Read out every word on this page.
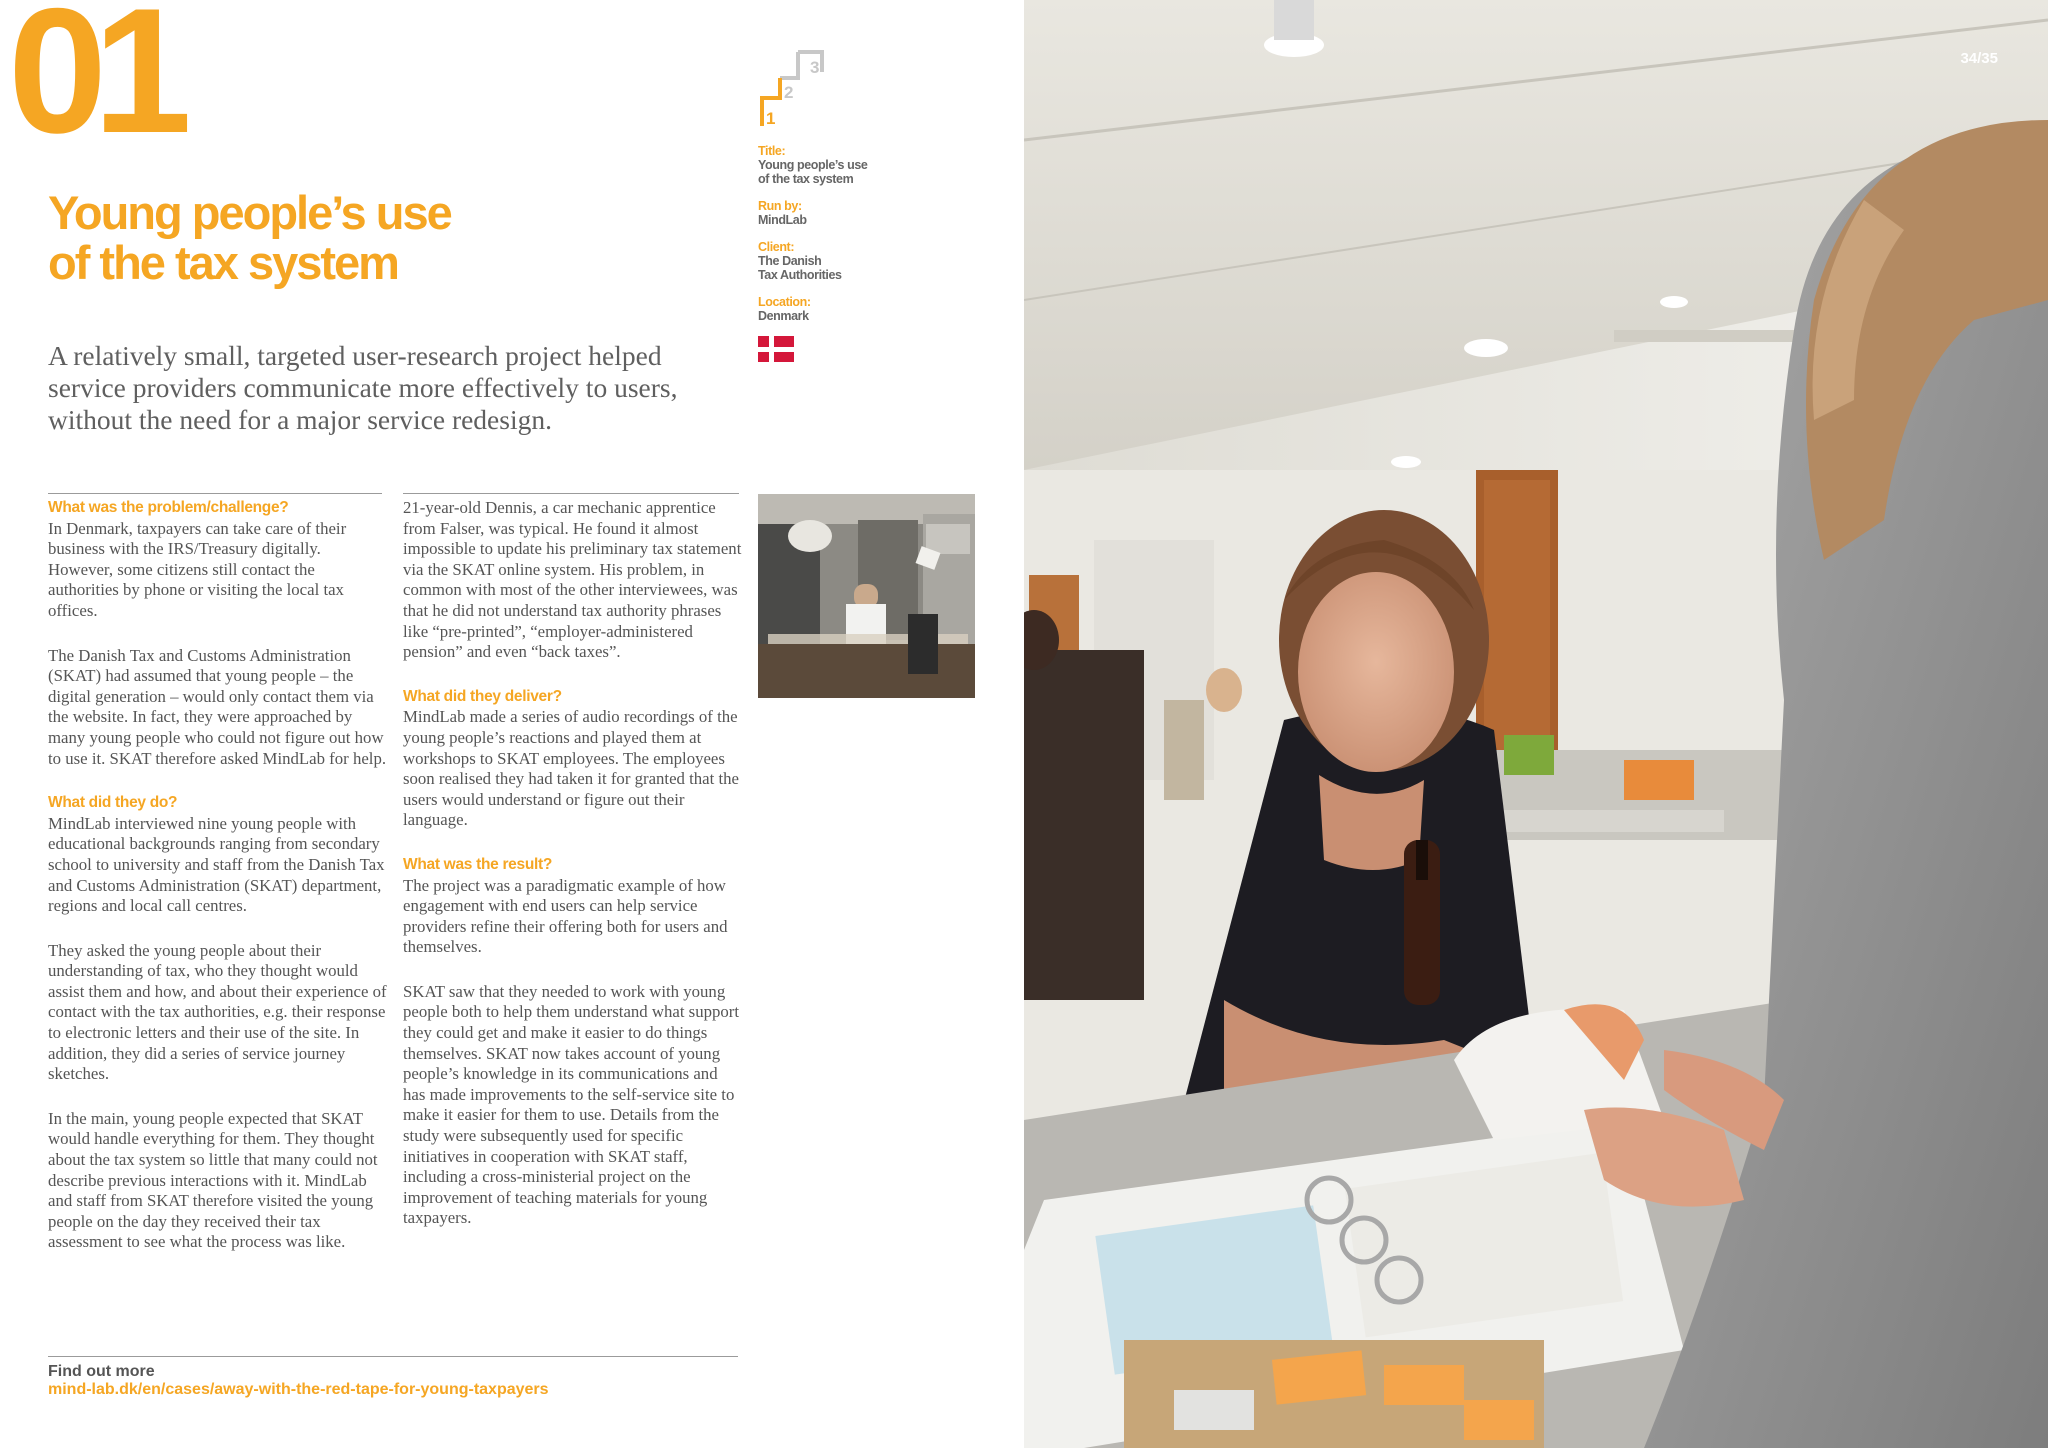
01
Young people’s use
of the tax system
A relatively small, targeted user-research project helped service providers communicate more effectively to users, without the need for a major service redesign.
3
2
1
Title:
Young people’s use
of the tax system
Run by:
MindLab
Client:
The Danish
Tax Authorities
Location:
Denmark
What was the problem/challenge?

In Denmark, taxpayers can take care of their business with the IRS/Treasury digitally. However, some citizens still contact the authorities by phone or visiting the local tax offices.

The Danish Tax and Customs Administration (SKAT) had assumed that young people – the digital generation – would only contact them via the website. In fact, they were approached by many young people who could not figure out how to use it. SKAT therefore asked MindLab for help.

What did they do?

MindLab interviewed nine young people with educational backgrounds ranging from secondary school to university and staff from the Danish Tax and Customs Administration (SKAT) department, regions and local call centres.

They asked the young people about their understanding of tax, who they thought would assist them and how, and about their experience of contact with the tax authorities, e.g. their response to electronic letters and their use of the site. In addition, they did a series of service journey sketches.

In the main, young people expected that SKAT would handle everything for them. They thought about the tax system so little that many could not describe previous interactions with it. MindLab and staff from SKAT therefore visited the young people on the day they received their tax assessment to see what the process was like.

21-year-old Dennis, a car mechanic apprentice from Falser, was typical. He found it almost impossible to update his preliminary tax statement via the SKAT online system. His problem, in common with most of the other interviewees, was that he did not understand tax authority phrases like “pre-printed”, “employer-administered pension” and even “back taxes”.

What did they deliver?

MindLab made a series of audio recordings of the young people’s reactions and played them at workshops to SKAT employees. The employees soon realised they had taken it for granted that the users would understand or figure out their language.

What was the result?

The project was a paradigmatic example of how engagement with end users can help service providers refine their offering both for users and themselves.

SKAT saw that they needed to work with young people both to help them understand what support they could get and make it easier to do things themselves. SKAT now takes account of young people’s knowledge in its communications and has made improvements to the self-service site to make it easier for them to use. Details from the study were subsequently used for specific initiatives in cooperation with SKAT staff, including a cross-ministerial project on the improvement of teaching materials for young taxpayers.

Find out more
mind-lab.dk/en/cases/away-with-the-red-tape-for-young-taxpayers
34/35
